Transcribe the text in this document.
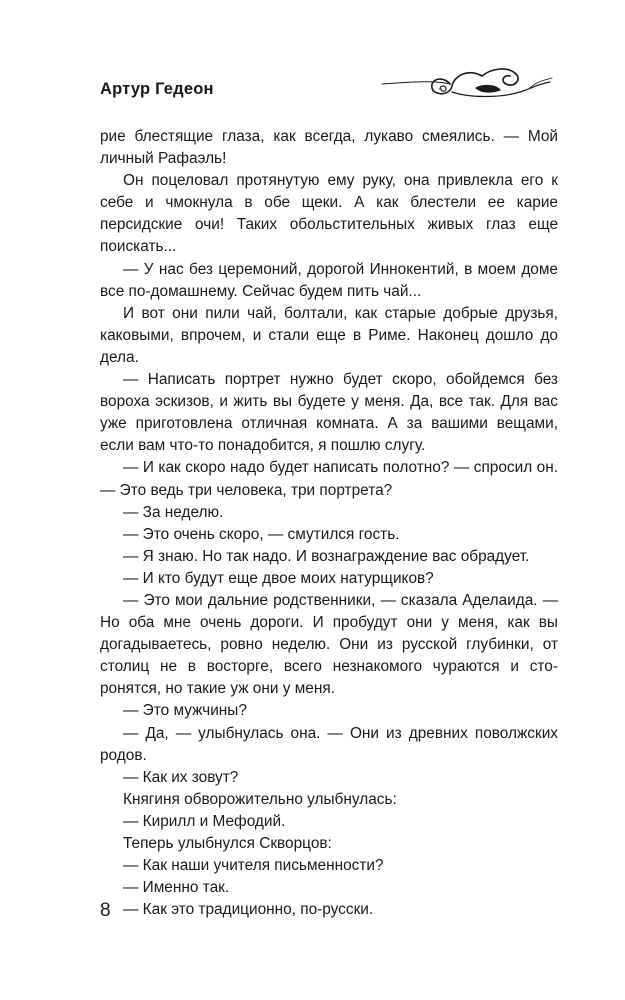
Артур Гедеон

рие блестящие глаза, как всегда, лукаво смеялись. — Мой личный Рафаэль!

Он поцеловал протянутую ему руку, она привлекла его к себе и чмокнула в обе щеки. А как блестели ее карие персидские очи! Таких обольстительных живых глаз еще поискать...

— У нас без церемоний, дорогой Иннокентий, в моем доме все по-домашнему. Сейчас будем пить чай...

И вот они пили чай, болтали, как старые добрые друзья, каковыми, впрочем, и стали еще в Риме. Наконец дошло до дела.

— Написать портрет нужно будет скоро, обойдемся без вороха эскизов, и жить вы будете у меня. Да, все так. Для вас уже приготовлена отличная комната. А за вашими вещами, если вам что-то понадобится, я пошлю слугу.

— И как скоро надо будет написать полотно? — спросил он. — Это ведь три человека, три портрета?

— За неделю.

— Это очень скоро, — смутился гость.

— Я знаю. Но так надо. И вознаграждение вас обрадует.

— И кто будут еще двое моих натурщиков?

— Это мои дальние родственники, — сказала Аделаида. — Но оба мне очень дороги. И пробудут они у меня, как вы догадываетесь, ровно неделю. Они из русской глубинки, от столиц не в восторге, всего незнакомого чураются и сторонятся, но такие уж они у меня.

— Это мужчины?

— Да, — улыбнулась она. — Они из древних поволжских родов.

— Как их зовут?

Княгиня обворожительно улыбнулась:

— Кирилл и Мефодий.

Теперь улыбнулся Скворцов:

— Как наши учителя письменности?

— Именно так.

— Как это традиционно, по-русски.

8
